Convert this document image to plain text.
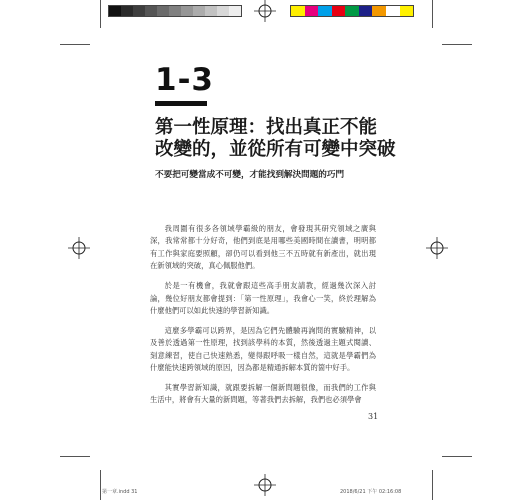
1-3
第一性原理：找出真正不能
改變的，並從所有可變中突破
不要把可變當成不可變，才能找到解決問題的巧門

我周圍有很多各領域學霸級的朋友，會發現其研究領域之廣與深，我常常都十分好奇，他們到底是用哪些美國時間在讀書，明明都有工作與家庭要照顧，卻仍可以看到他三不五時就有新產出，就出現在新領域的突破，真心佩服他們。

於是一有機會，我就會跟這些高手朋友請教，經過幾次深入討論，幾位好朋友都會提到：「第一性原理」，我會心一笑，終於理解為什麼他們可以如此快速的學習新知識。

這麼多學霸可以跨界，是因為它們先體驗再詢問的實驗精神，以及善於透過第一性原理，找到該學科的本質，然後透過主題式閱讀、刻意練習，使自己快速熟悉，變得跟呼吸一樣自然，這就是學霸們為什麼能快速跨領域的原因，因為都是精通拆解本質的箇中好手。

其實學習新知識，就跟要拆解一個新問題很像，而我們的工作與生活中，將會有大量的新問題，等著我們去拆解，我們也必須學會

31
第一章.indd 31	2018/6/21 下午 02:16:08
